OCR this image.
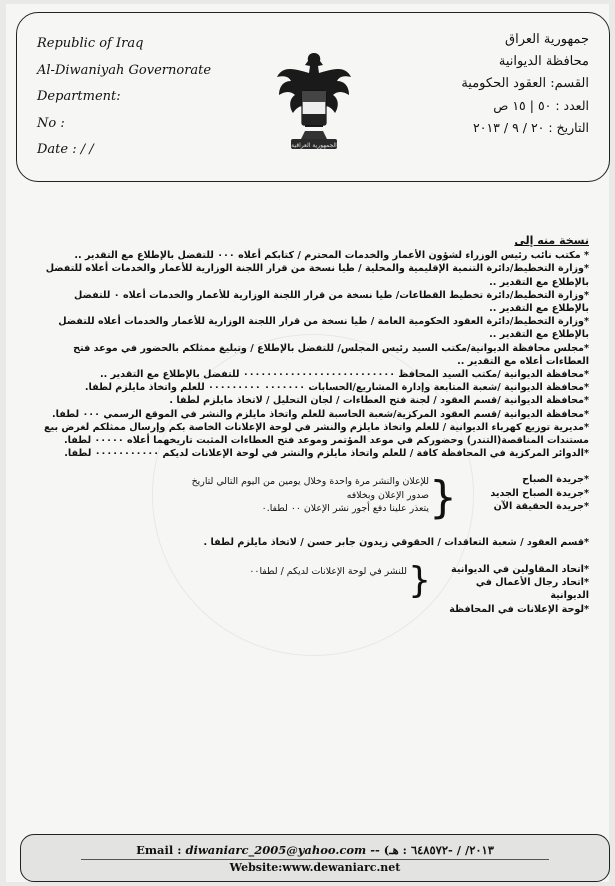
Republic of Iraq
Al-Diwaniyah Governorate
Department:
No :
Date : / /	الجمهورية العراقية
جمهورية العراق
محافظة الديوانية
القسم: العقود الحكومية
العدد : ٥٠ | ١٥ ص
التاريخ : ٢٠ / ٩ / ٢٠١٣

نسخة منه إلى

* مكتب نائب رئيس الوزراء لشؤون الأعمار والخدمات المحترم / كتابكم أعلاه ٠٠٠ للتفضل بالإطلاع مع التقدير ..

*وزارة التخطيط/دائرة التنمية الإقليمية والمحلية / طيا نسخة من قرار اللجنة الوزارية للأعمار والخدمات أعلاه للتفضل بالإطلاع مع التقدير ..

*وزارة التخطيط/دائرة تخطيط القطاعات/ طيا نسخة من قرار اللجنة الوزارية للأعمار والخدمات أعلاه ٠ للتفضل بالإطلاع مع التقدير ..

*وزارة التخطيط/دائرة العقود الحكومية العامة / طيا نسخة من قرار اللجنة الوزارية للأعمار والخدمات أعلاه للتفضل بالإطلاع مع التقدير ..

*مجلس محافظة الديوانية/مكتب السيد رئيس المجلس/ للتفضل بالإطلاع / وتبليغ ممثلكم بالحضور في موعد فتح العطاءات أعلاه مع التقدير ..

*محافظة الديوانية /مكتب السيد المحافظ ٠٠٠٠٠٠٠٠٠٠٠٠٠٠٠٠٠٠٠٠٠٠٠٠٠٠ للتفضل بالإطلاع مع التقدير ..

*محافظة الديوانية /شعبة المتابعة وإدارة المشاريع/الحسابات ٠٠٠٠٠٠٠ ٠٠٠٠٠٠٠٠٠ للعلم واتخاذ مايلزم لطفا.

*محافظة الديوانية /قسم العقود / لجنة فتح العطاءات / لجان التحليل / لاتخاذ مايلزم لطفا .

*محافظة الديوانية /قسم العقود المركزية/شعبة الحاسبة للعلم واتخاذ مايلزم والنشر في الموقع الرسمي ٠٠٠ لطفا.

*مديرية توزيع كهرباء الديوانية / للعلم واتخاذ مايلزم والنشر في لوحة الإعلانات الخاصة بكم وإرسال ممثلكم لغرض بيع مستندات المناقصة(التندر) وحضوركم في موعد المؤتمر وموعد فتح العطاءات المثبت تاريخهما أعلاه ٠٠٠٠٠ لطفا.

*الدوائر المركزية في المحافظة كافة / للعلم واتخاذ مايلزم والنشر في لوحة الإعلانات لديكم ٠٠٠٠٠٠٠٠٠٠٠ لطفا.

*جريدة الصباح

*جريدة الصباح الجديد

*جريدة الحقيقة الآن

{

للإعلان والنشر مرة واحدة وخلال يومين من اليوم التالي لتاريخ صدور الإعلان وبخلافه

يتعذر علينا دفع أجور نشر الإعلان ٠٠ لطفا.٠

*قسم العقود / شعبة التعاقدات / الحقوقي زيدون جابر حسن / لاتخاذ مايلزم لطفا .

*اتحاد المقاولين في الديوانية

*اتحاد رجال الأعمال في الديوانية

{
للنشر في لوحة الإعلانات لديكم / لطفا٠٠

*لوحة الإعلانات في المحافظة

Email : diwaniarc_2005@yahoo.com -- (٢٠١٣/ / -٦٤٨٥٧٢ : هـ
Website:www.dewaniarc.net
